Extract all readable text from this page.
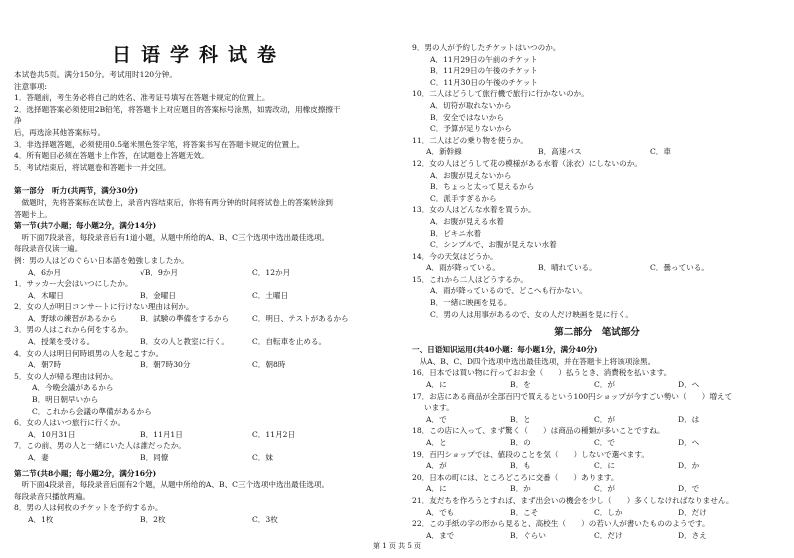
日语学科试卷
本试卷共5页。满分150分。考试用时120分钟。
注意事项:
1．答题前，考生务必将自己的姓名、准考证号填写在答题卡规定的位置上。
2．选择题答案必须使用2B铅笔，将答题卡上对应题目的答案标号涂黑，如需改动，用橡皮擦擦干
净
后，再选涂其他答案标号。
3．非选择题答题，必须使用0.5毫米黑色签字笔，将答案书写在答题卡规定的位置上。
4．所有题目必须在答题卡上作答，在试题卷上答题无效。
5．考试结束后，将试题卷和答题卡一并交回。
第一部分　听力(共两节，满分30分)
　做题时，先将答案标在试卷上，录音内容结束后，你将有两分钟的时间将试卷上的答案转涂到
答题卡上。
第一节(共7小题；每小题2分，满分14分)
　听下面7段录音，每段录音后有1道小题，从题中所给的A、B、C三个选项中选出最佳选项。
每段录音仅读一遍。
例：男の人はどのぐらい日本語を勉強しましたか。
A．6か月	√B．9か月	C．12か月
1．サッカー大会はいつにしたか。
A．木曜日	B．金曜日	C．土曜日
2．女の人が明日コンサートに行けない理由は何か。
A．野球の練習があるから	B．試験の準備をするから	C．明日、テストがあるから
3．男の人はこれから何をするか。
A．授業を受ける。	B．女の人と教室に行く。	C．自転車を止める。
4．女の人は明日何時頃男の人を起こすか。
A．朝7時	B．朝7時30分	C．朝8時
5．女の人が帰る理由は何か。
A．今晩会議があるから
B．明日朝早いから
C．これから会議の準備があるから
6．女の人はいつ旅行に行くか。
A．10月31日	B．11月1日	C．11月2日
7．この前、男の人と一緒にいた人は誰だったか。
A．妻	B．同僚	C．妹
第二节(共8小題；每小題2分，满分16分)
　听下面4段录音，每段录音后面有2个题，从题中所给的A、B、C三个选项中选出最佳选项。
每段录音只播放两遍。
8．男の人は何枚のチケットを予約するか。
A．1枚	B．2枚	C．3枚
9．男の人が予約したチケットはいつのか。
A．11月29日の午前のチケット
B．11月29日の午後のチケット
C．11月30日の午後のチケット
10．二人はどうして旅行機で旅行に行かないのか。
A．切符が取れないから
B．安全ではないから
C．予算が足りないから
11．二人はどの乗り物を使うか。
A．新幹線	B．高速バス	C．車
12．女の人はどうして花の模様がある水着（泳衣）にしないのか。
A．お腹が見えないから
B．ちょっと太って見えるから
C．派手すぎるから
13．女の人はどんな水着を買うか。
A．お腹が見える水着
B．ビキニ水着
C．シンプルで、お腹が見えない水着
14．今の天気はどうか。
A．雨が降っている。	B．晴れている。	C．曇っている。
15．これから二人はどうするか。
A．雨が降っているので、どこへも行かない。
B．一緒に映画を見る。
C．男の人は用事があるので、女の人だけ映画を見に行く。
第二部分　笔试部分
一、日语知识运用(共40小题：每小题1分，满分40分)
　从A、B、C、D四个选项中选出最佳选项，并在答题卡上将该项涂黑。
16．日本では買い物に行っておお金（　　）払うとき、消費税を払います。
A．に	B．を	C．が	D．へ
17．お店にある商品が全部百円で買えるという100円ショップが今すごい勢い（　　）増えて
います。
A．で	B．と	C．が	D．は
18．この店に入って、まず驚く（　　）は商品の種類が多いことですね。
A．と	B．の	C．で	D．へ
19．百円ショップでは、値段のことを気（　　）しないで選べます。
A．が	B．も	C．に	D．か
20．日本の町には、ところどころに交番（　　）あります。
A．に	B．か	C．が	D．で
21．友だちを作ろうとすれば、まず出会いの機会を少し（　　）多くしなければなりません。
A．でも	B．こそ	C．しか	D．だけ
22．この手紙の字の形から見ると、高校生（　　）の若い人が書いたもののようです。
A．まで	B．ぐらい	C．だけ	D．さえ
第 1 页 共 5 页
